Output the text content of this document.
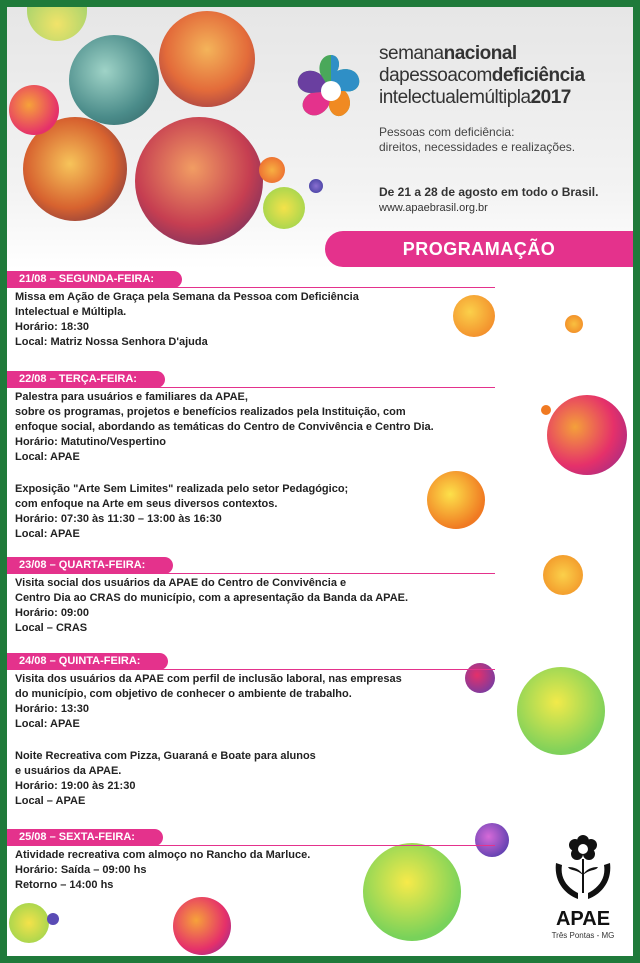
semananacional
dapessoacomdeficiência
intelectualemúltipla2017
Pessoas com deficiência:
direitos, necessidades e realizações.
De 21 a 28 de agosto em todo o Brasil.
www.apaebrasil.org.br
PROGRAMAÇÃO
21/08 – SEGUNDA-FEIRA:
Missa em Ação de Graça pela Semana da Pessoa com Deficiência
Intelectual e Múltipla.
Horário: 18:30
Local: Matriz Nossa Senhora D'ajuda
22/08 – TERÇA-FEIRA:
Palestra para usuários e familiares da APAE,
sobre os programas, projetos e benefícios realizados pela Instituição, com
enfoque social, abordando as temáticas do Centro de Convivência e Centro Dia.
Horário: Matutino/Vespertino
Local: APAE
Exposição "Arte Sem Limites" realizada pelo setor Pedagógico;
com enfoque na Arte em seus diversos contextos.
Horário: 07:30 às 11:30 – 13:00 às 16:30
Local: APAE
23/08 – QUARTA-FEIRA:
Visita social dos usuários da APAE do Centro de Convivência e
Centro Dia ao CRAS do município, com a apresentação da Banda da APAE.
Horário: 09:00
Local – CRAS
24/08 – QUINTA-FEIRA:
Visita dos usuários da APAE com perfil de inclusão laboral, nas empresas
do município, com objetivo de conhecer o ambiente de trabalho.
Horário: 13:30
Local: APAE
Noite Recreativa com Pizza, Guaraná e Boate para alunos
e usuários da APAE.
Horário: 19:00 às 21:30
Local – APAE
25/08 – SEXTA-FEIRA:
Atividade recreativa com almoço no Rancho da Marluce.
Horário: Saída – 09:00 hs
Retorno – 14:00 hs
APAE
Três Pontas - MG
